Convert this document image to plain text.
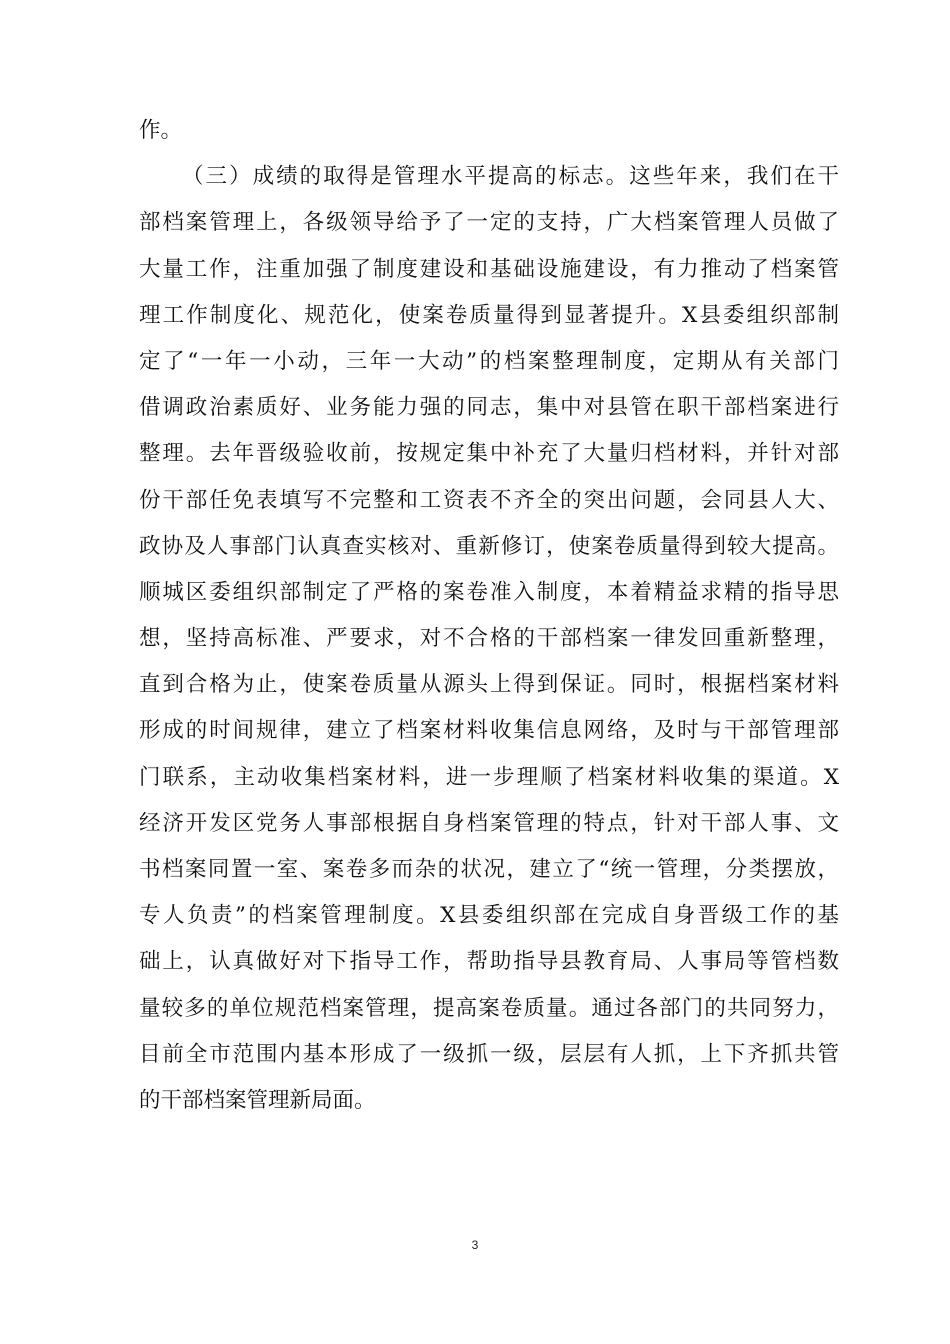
作。
（三）成绩的取得是管理水平提高的标志。这些年来，我们在干
部档案管理上，各级领导给予了一定的支持，广大档案管理人员做了
大量工作，注重加强了制度建设和基础设施建设，有力推动了档案管
理工作制度化、规范化，使案卷质量得到显著提升。X县委组织部制
定了“一年一小动，三年一大动”的档案整理制度，定期从有关部门
借调政治素质好、业务能力强的同志，集中对县管在职干部档案进行
整理。去年晋级验收前，按规定集中补充了大量归档材料，并针对部
份干部任免表填写不完整和工资表不齐全的突出问题，会同县人大、
政协及人事部门认真查实核对、重新修订，使案卷质量得到较大提高。
顺城区委组织部制定了严格的案卷准入制度，本着精益求精的指导思
想，坚持高标准、严要求，对不合格的干部档案一律发回重新整理，
直到合格为止，使案卷质量从源头上得到保证。同时，根据档案材料
形成的时间规律，建立了档案材料收集信息网络，及时与干部管理部
门联系，主动收集档案材料，进一步理顺了档案材料收集的渠道。X
经济开发区党务人事部根据自身档案管理的特点，针对干部人事、文
书档案同置一室、案卷多而杂的状况，建立了“统一管理，分类摆放，
专人负责”的档案管理制度。X县委组织部在完成自身晋级工作的基
础上，认真做好对下指导工作，帮助指导县教育局、人事局等管档数
量较多的单位规范档案管理，提高案卷质量。通过各部门的共同努力，
目前全市范围内基本形成了一级抓一级，层层有人抓，上下齐抓共管
的干部档案管理新局面。
3
